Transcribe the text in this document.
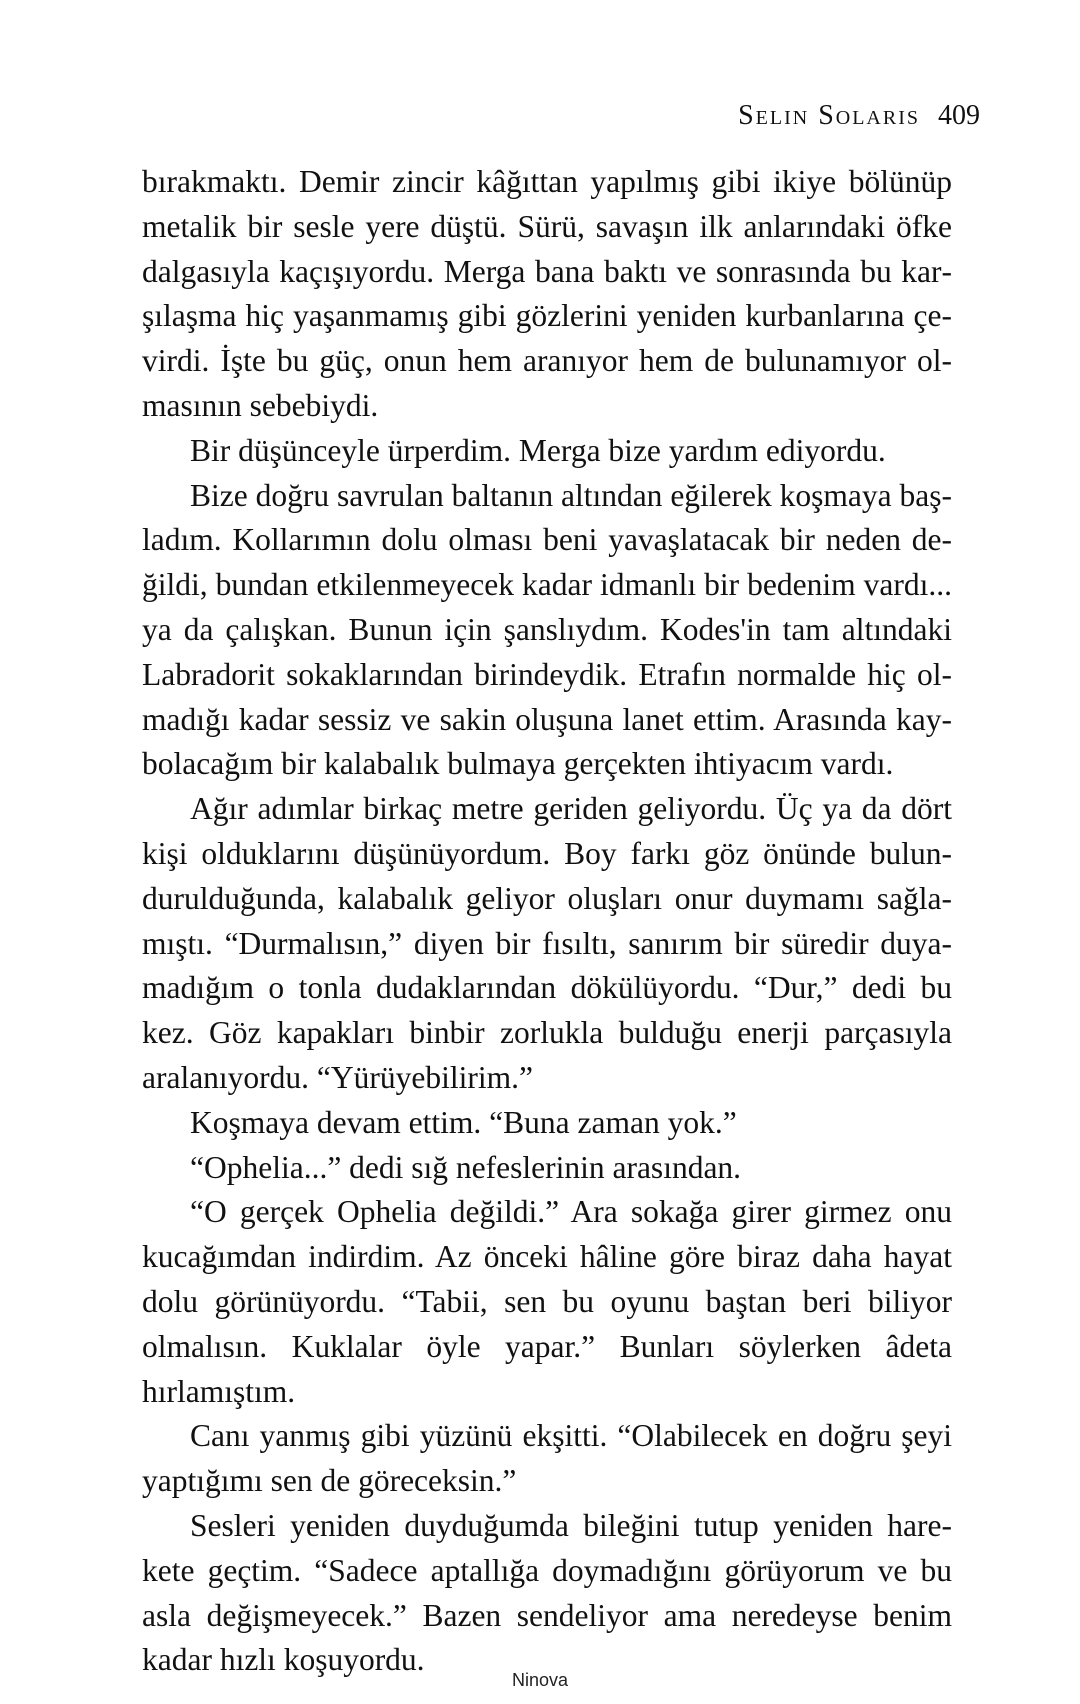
Selin Solaris 409

bırakmaktı. Demir zincir kâğıttan yapılmış gibi ikiye bölünüp metalik bir sesle yere düştü. Sürü, savaşın ilk anlarındaki öfke dalgasıyla kaçışıyordu. Merga bana baktı ve sonrasında bu karşılaşma hiç yaşanmamış gibi gözlerini yeniden kurbanlarına çevirdi. İşte bu güç, onun hem aranıyor hem de bulunamıyor olmasının sebebiydi.

Bir düşünceyle ürperdim. Merga bize yardım ediyordu.

Bize doğru savrulan baltanın altından eğilerek koşmaya başladım. Kollarımın dolu olması beni yavaşlatacak bir neden değildi, bundan etkilenmeyecek kadar idmanlı bir bedenim vardı... ya da çalışkan. Bunun için şanslıydım. Kodes'in tam altındaki Labradorit sokaklarından birindeydik. Etrafın normalde hiç olmadığı kadar sessiz ve sakin oluşuna lanet ettim. Arasında kaybolacağım bir kalabalık bulmaya gerçekten ihtiyacım vardı.

Ağır adımlar birkaç metre geriden geliyordu. Üç ya da dört kişi olduklarını düşünüyordum. Boy farkı göz önünde bulundurulduğunda, kalabalık geliyor oluşları onur duymamı sağlamıştı. “Durmalısın,” diyen bir fısıltı, sanırım bir süredir duyamadığım o tonla dudaklarından dökülüyordu. “Dur,” dedi bu kez. Göz kapakları binbir zorlukla bulduğu enerji parçasıyla aralanıyordu. “Yürüyebilirim.”

Koşmaya devam ettim. “Buna zaman yok.”

“Ophelia...” dedi sığ nefeslerinin arasından.

“O gerçek Ophelia değildi.” Ara sokağa girer girmez onu kucağımdan indirdim. Az önceki hâline göre biraz daha hayat dolu görünüyordu. “Tabii, sen bu oyunu baştan beri biliyor olmalısın. Kuklalar öyle yapar.” Bunları söylerken âdeta hırlamıştım.

Canı yanmış gibi yüzünü ekşitti. “Olabilecek en doğru şeyi yaptığımı sen de göreceksin.”

Sesleri yeniden duyduğumda bileğini tutup yeniden harekete geçtim. “Sadece aptallığa doymadığını görüyorum ve bu asla değişmeyecek.” Bazen sendeliyor ama neredeyse benim kadar hızlı koşuyordu.

Ninova
